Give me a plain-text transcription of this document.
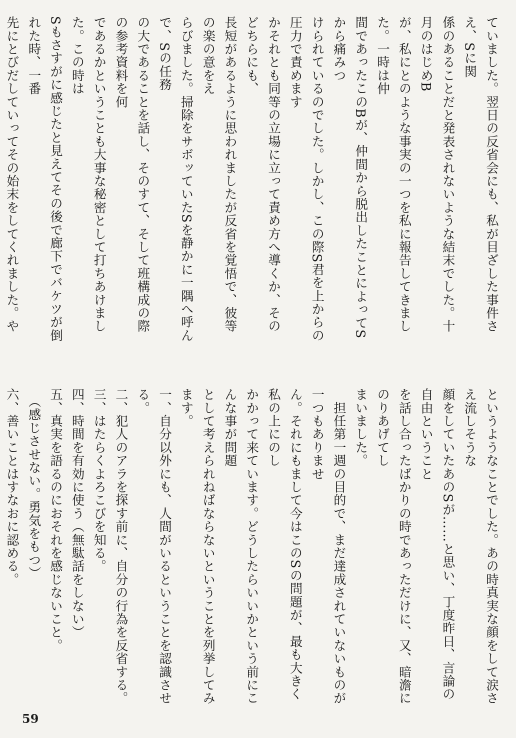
ていました。翌日の反省会にも、私が目ざした事件さえ、Sに関
係のあることだと発表されないような結末でした。十月のはじめB
が、私にとのような事実の一つを私に報告してきました。一時は仲
間であったこのBが、仲間から脱出したことによってSから痛みつ
けられているのでした。しかし、この際S君を上からの圧力で責めます
かそれとも同等の立場に立って責め方へ導くか、そのどちらにも、
長短があるように思われましたが反省を覚悟で、彼等の楽の意をえ
らびました。掃除をサボッていたSを静かに一隅へ呼んで、Sの任務
の大であることを話し、そのすて、そして班構成の際の参考資料を何
であるかということも大事な秘密として打ちあけました。この時は
Sもさすがに感じたと見えてその後で廊下でバケツが倒れた時、一番
先にとびだしていってその始末をしてくれました。や

というようなことでした。あの時真実な顔をして涙さえ流しそうな
顔をしていたあのSが……と思い、丁度昨日、言論の自由ということ
を話し合ったばかりの時であっただけに、又、暗澹にのりあげてし
まいました。
　担任第一週の目的で、まだ達成されていないものが一つもありませ
ん。それにもまして今はこのSの問題が、最も大きく私の上にのし
かかって来ています。どうしたらいいかという前にこんな事が問題
として考えられねばならないということを列挙してみます。
一、自分以外にも、人間がいるということを認識させる。
二、犯人のアラを探す前に、自分の行為を反省する。
三、はたらくよろこびを知る。
四、時間を有効に使う（無駄話をしない）
五、真実を語るのにおそれを感じないこと。
　（感じさせない。勇気をもつ）
六、善いことはすなおに認める。

59
